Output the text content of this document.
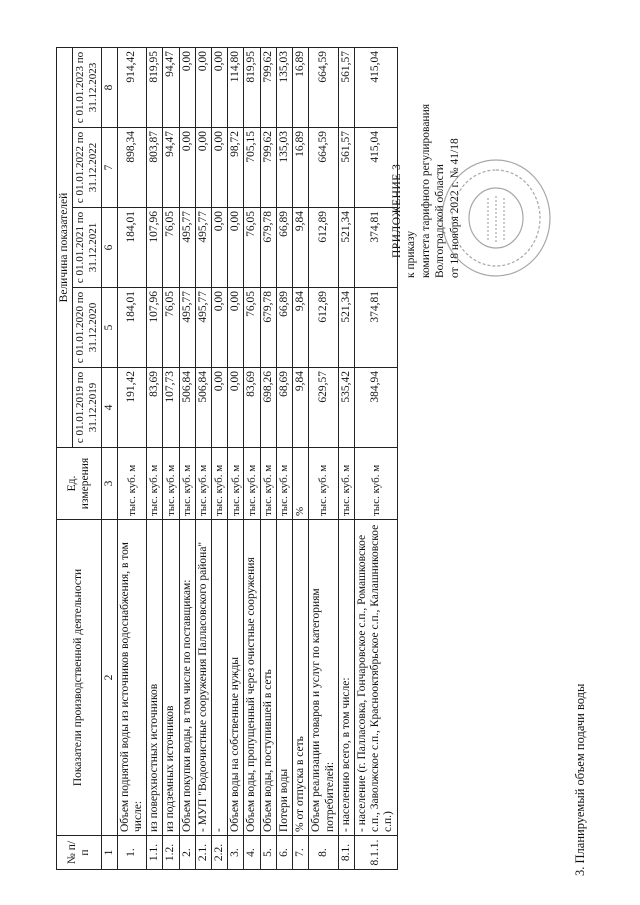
ПРИЛОЖЕНИЕ 3 к приказу комитета тарифного регулирования Волгоградской области от 18 ноября 2022 г. № 41/18
3. Планируемый объем подачи воды
№ п/п	Показатели производственной деятельности	Ед. измерения	Величина показателей				
			с 01.01.2019 по 31.12.2019	с 01.01.2020 по 31.12.2020	с 01.01.2021 по 31.12.2021	с 01.01.2022 по 31.12.2022	с 01.01.2023 по 31.12.2023
1	2	3	4	5	6	7	8
1.	Объем поднятой воды из источников водоснабжения, в том числе:	тыс. куб. м	191,42	184,01	184,01	898,34	914,42
1.1.	из поверхностных источников	тыс. куб. м	83,69	107,96	107,96	803,87	819,95
1.2.	из подземных источников	тыс. куб. м	107,73	76,05	76,05	94,47	94,47
2.	Объем покупки воды, в том числе по поставщикам:	тыс. куб. м	506,84	495,77	495,77	0,00	0,00
2.1.	- МУП "Водоочистные сооружения Палласовского района"	тыс. куб. м	506,84	495,77	495,77	0,00	0,00
2.2.	-	тыс. куб. м	0,00	0,00	0,00	0,00	0,00
3.	Объем воды на собственные нужды	тыс. куб. м	0,00	0,00	0,00	98,72	114,80
4.	Объем воды, пропущенный через очистные сооружения	тыс. куб. м	83,69	76,05	76,05	705,15	819,95
5.	Объем воды, поступившей в сеть	тыс. куб. м	698,26	679,78	679,78	799,62	799,62
6.	Потери воды	тыс. куб. м	68,69	66,89	66,89	135,03	135,03
7.	% от отпуска в сеть	%	9,84	9,84	9,84	16,89	16,89
8.	Объем реализации товаров и услуг по категориям потребителей:	тыс. куб. м	629,57	612,89	612,89	664,59	664,59
8.1.	- населению всего, в том числе:	тыс. куб. м	535,42	521,34	521,34	561,57	561,57
8.1.1.	- население (г. Палласовка, Гончаровское с.п., Ромашковское с.п., Заволжское с.п., Красноoктябрьское с.п., Калашниковское с.п.)	тыс. куб. м	384,94	374,81	374,81	415,04	415,04
